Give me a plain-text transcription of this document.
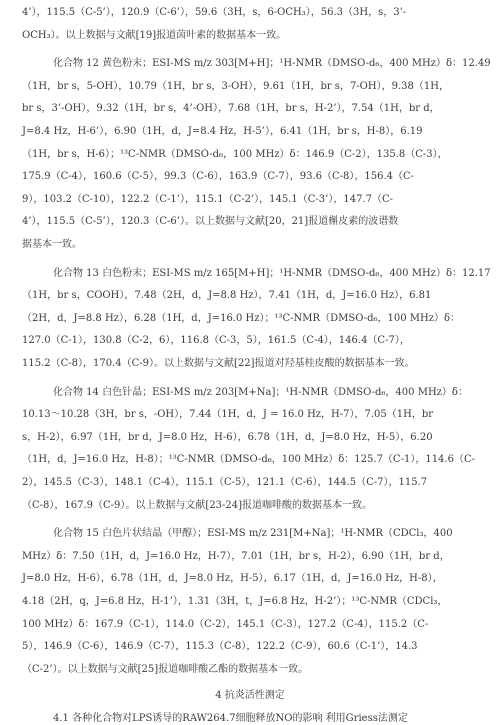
4’），115.5（C-5’），120.9（C-6’），59.6（3H，s，6-OCH₃），56.3（3H，s，3’-
OCH₃）。以上数据与文献[19]报道茵叶素的数据基本一致。
化合物 12 黄色粉末；ESI-MS m/z 303[M+H]；¹H-NMR（DMSO-d₆，400 MHz）δ：12.49
（1H，br s，5-OH），10.79（1H，br s，3-OH），9.61（1H，br s，7-OH），9.38（1H，
br s，3’-OH），9.32（1H，br s，4’-OH），7.68（1H，br s，H-2’），7.54（1H，br d，
J=8.4 Hz，H-6’），6.90（1H，d，J=8.4 Hz，H-5’），6.41（1H，br s，H-8），6.19
（1H，br s，H-6）；¹³C-NMR（DMSO-d₆，100 MHz）δ：146.9（C-2），135.8（C-3），
175.9（C-4），160.6（C-5），99.3（C-6），163.9（C-7），93.6（C-8），156.4（C-
9），103.2（C-10），122.2（C-1’），115.1（C-2’），145.1（C-3’），147.7（C-
4’），115.5（C-5’），120.3（C-6’）。以上数据与文献[20，21]报道槲皮素的波谱数
据基本一致。
化合物 13 白色粉末；ESI-MS m/z 165[M+H]；¹H-NMR（DMSO-d₆，400 MHz）δ：12.17
（1H，br s，COOH），7.48（2H，d，J=8.8 Hz），7.41（1H，d，J=16.0 Hz），6.81
（2H，d，J=8.8 Hz），6.28（1H，d，J=16.0 Hz）；¹³C-NMR（DMSO-d₆，100 MHz）δ：
127.0（C-1），130.8（C-2，6），116.8（C-3，5），161.5（C-4），146.4（C-7），
115.2（C-8），170.4（C-9）。以上数据与文献[22]报道对羟基桂皮酸的数据基本一致。
化合物 14 白色针晶；ESI-MS m/z 203[M+Na]；¹H-NMR（DMSO-d₆，400 MHz）δ：
10.13～10.28（3H，br s，-OH），7.44（1H，d，J = 16.0 Hz，H-7），7.05（1H，br
s，H-2），6.97（1H，br d，J=8.0 Hz，H-6），6.78（1H，d，J=8.0 Hz，H-5），6.20
（1H，d，J=16.0 Hz，H-8）；¹³C-NMR（DMSO-d₆，100 MHz）δ：125.7（C-1），114.6（C-
2），145.5（C-3），148.1（C-4），115.1（C-5），121.1（C-6），144.5（C-7），115.7
（C-8），167.9（C-9）。以上数据与文献[23-24]报道咖啡酸的数据基本一致。
化合物 15 白色片状结晶（甲醇）；ESI-MS m/z 231[M+Na]；¹H-NMR（CDCl₃，400
MHz）δ：7.50（1H，d，J=16.0 Hz，H-7），7.01（1H，br s，H-2），6.90（1H，br d，
J=8.0 Hz，H-6），6.78（1H，d，J=8.0 Hz，H-5），6.17（1H，d，J=16.0 Hz，H-8），
4.18（2H，q，J=6.8 Hz，H-1’），1.31（3H，t，J=6.8 Hz，H-2’）；¹³C-NMR（CDCl₃，
100 MHz）δ：167.9（C-1），114.0（C-2），145.1（C-3），127.2（C-4），115.2（C-
5），146.9（C-6），146.9（C-7），115.3（C-8），122.2（C-9），60.6（C-1’），14.3
（C-2’）。以上数据与文献[25]报道咖啡酸乙酯的数据基本一致。
4 抗炎活性测定
4.1 各种化合物对LPS诱导的RAW264.7细胞释放NO的影响 利用Griess法测定
